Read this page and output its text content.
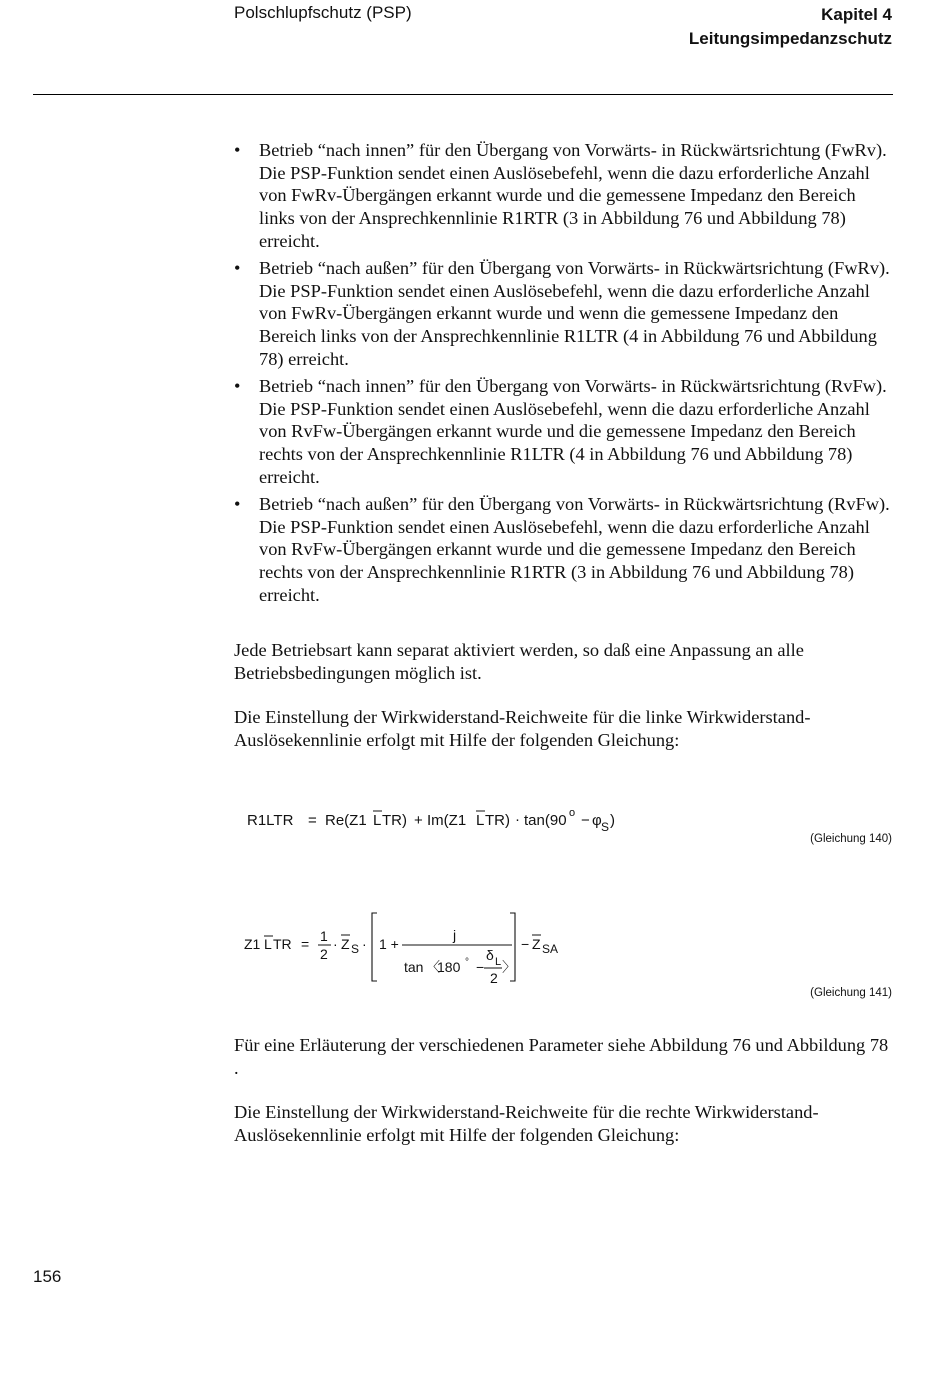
Polschlupfschutz (PSP)	Kapitel 4
Leitungsimpedanzschutz
• Betrieb “nach innen” für den Übergang von Vorwärts- in Rückwärtsrichtung (FwRv). Die PSP-Funktion sendet einen Auslösebefehl, wenn die dazu erforderliche Anzahl von FwRv-Übergängen erkannt wurde und die gemessene Impedanz den Bereich links von der Ansprechkennlinie R1RTR (3 in Abbildung 76 und Abbildung 78) erreicht.
• Betrieb “nach außen” für den Übergang von Vorwärts- in Rückwärtsrichtung (FwRv). Die PSP-Funktion sendet einen Auslösebefehl, wenn die dazu erforderliche Anzahl von FwRv-Übergängen erkannt wurde und wenn die gemessene Impedanz den Bereich links von der Ansprechkennlinie R1LTR (4 in Abbildung 76 und Abbildung 78) erreicht.
• Betrieb “nach innen” für den Übergang von Vorwärts- in Rückwärtsrichtung (RvFw). Die PSP-Funktion sendet einen Auslösebefehl, wenn die dazu erforderliche Anzahl von RvFw-Übergängen erkannt wurde und die gemessene Impedanz den Bereich rechts von der Ansprechkennlinie R1LTR (4 in Abbildung 76 und Abbildung 78) erreicht.
• Betrieb “nach außen” für den Übergang von Vorwärts- in Rückwärtsrichtung (RvFw). Die PSP-Funktion sendet einen Auslösebefehl, wenn die dazu erforderliche Anzahl von RvFw-Übergängen erkannt wurde und die gemessene Impedanz den Bereich rechts von der Ansprechkennlinie R1RTR (3 in Abbildung 76 und Abbildung 78) erreicht.

Jede Betriebsart kann separat aktiviert werden, so daß eine Anpassung an alle Betriebsbedingungen möglich ist.

Die Einstellung der Wirkwiderstand-Reichweite für die linke Wirkwiderstand-Auslösekennlinie erfolgt mit Hilfe der folgenden Gleichung:

R1LTR = Re(Z1 L TR) + Im(Z1 L TR) · tan(90 o − φ S )
(Gleichung 140)
Z1 L TR = 1
2
· Z S · 1 +
j
tan 〈
180 ° −
δ L
2
〉
− Z SA
(Gleichung 141)

Für eine Erläuterung der verschiedenen Parameter siehe Abbildung 76 und Abbildung 78 .

Die Einstellung der Wirkwiderstand-Reichweite für die rechte Wirkwiderstand-Auslösekennlinie erfolgt mit Hilfe der folgenden Gleichung:

156
